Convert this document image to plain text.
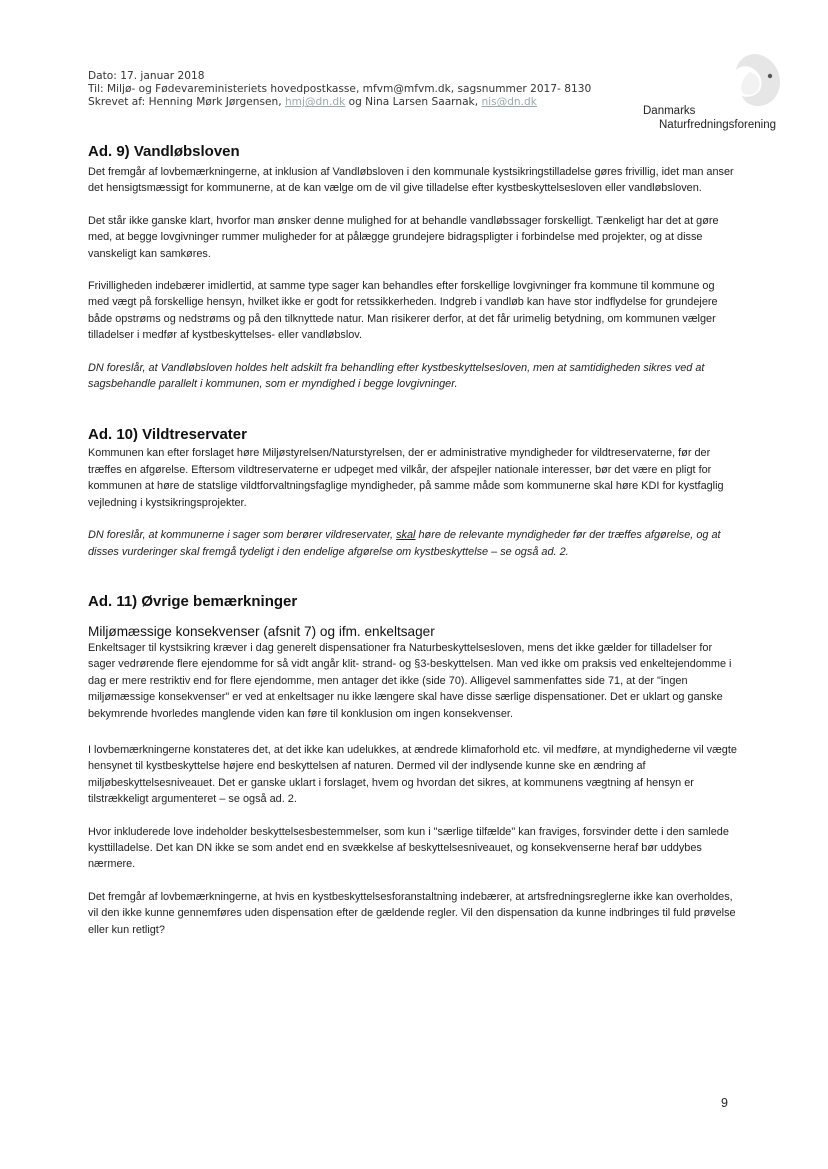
Dato: 17. januar 2018
Til: Miljø- og Fødevareministeriets hovedpostkasse, mfvm@mfvm.dk, sagsnummer 2017- 8130
Skrevet af: Henning Mørk Jørgensen, hmj@dn.dk og Nina Larsen Saarnak, nis@dn.dk
Danmarks
Naturfredningsforening
Ad. 9) Vandløbsloven

Det fremgår af lovbemærkningerne, at inklusion af Vandløbsloven i den kommunale kystsikringstilladelse gøres frivillig, idet man anser det hensigtsmæssigt for kommunerne, at de kan vælge om de vil give tilladelse efter kystbeskyttelsesloven eller vandløbsloven.

Det står ikke ganske klart, hvorfor man ønsker denne mulighed for at behandle vandløbssager forskelligt. Tænkeligt har det at gøre med, at begge lovgivninger rummer muligheder for at pålægge grundejere bidragspligter i forbindelse med projekter, og at disse vanskeligt kan samkøres.

Frivilligheden indebærer imidlertid, at samme type sager kan behandles efter forskellige lovgivninger fra kommune til kommune og med vægt på forskellige hensyn, hvilket ikke er godt for retssikkerheden. Indgreb i vandløb kan have stor indflydelse for grundejere både opstrøms og nedstrøms og på den tilknyttede natur. Man risikerer derfor, at det får urimelig betydning, om kommunen vælger tilladelser i medfør af kystbeskyttelses- eller vandløbslov.

DN foreslår, at Vandløbsloven holdes helt adskilt fra behandling efter kystbeskyttelsesloven, men at samtidigheden sikres ved at sagsbehandle parallelt i kommunen, som er myndighed i begge lovgivninger.

Ad. 10) Vildtreservater

Kommunen kan efter forslaget høre Miljøstyrelsen/Naturstyrelsen, der er administrative myndigheder for vildtreservaterne, før der træffes en afgørelse. Eftersom vildtreservaterne er udpeget med vilkår, der afspejler nationale interesser, bør det være en pligt for kommunen at høre de statslige vildtforvaltningsfaglige myndigheder, på samme måde som kommunerne skal høre KDI for kystfaglig vejledning i kystsikringsprojekter.

DN foreslår, at kommunerne i sager som berører vildreservater, skal høre de relevante myndigheder før der træffes afgørelse, og at disses vurderinger skal fremgå tydeligt i den endelige afgørelse om kystbeskyttelse – se også ad. 2.

Ad. 11) Øvrige bemærkninger
Miljømæssige konsekvenser (afsnit 7) og ifm. enkeltsager

Enkeltsager til kystsikring kræver i dag generelt dispensationer fra Naturbeskyttelsesloven, mens det ikke gælder for tilladelser for sager vedrørende flere ejendomme for så vidt angår klit- strand- og §3-beskyttelsen. Man ved ikke om praksis ved enkeltejendomme i dag er mere restriktiv end for flere ejendomme, men antager det ikke (side 70). Alligevel sammenfattes side 71, at der "ingen miljømæssige konsekvenser" er ved at enkeltsager nu ikke længere skal have disse særlige dispensationer. Det er uklart og ganske bekymrende hvorledes manglende viden kan føre til konklusion om ingen konsekvenser.

I lovbemærkningerne konstateres det, at det ikke kan udelukkes, at ændrede klimaforhold etc. vil medføre, at myndighederne vil vægte hensynet til kystbeskyttelse højere end beskyttelsen af naturen. Dermed vil der indlysende kunne ske en ændring af miljøbeskyttelsesniveauet. Det er ganske uklart i forslaget, hvem og hvordan det sikres, at kommunens vægtning af hensyn er tilstrækkeligt argumenteret – se også ad. 2.

Hvor inkluderede love indeholder beskyttelsesbestemmelser, som kun i "særlige tilfælde" kan fraviges, forsvinder dette i den samlede kysttilladelse. Det kan DN ikke se som andet end en svækkelse af beskyttelsesniveauet, og konsekvenserne heraf bør uddybes nærmere.

Det fremgår af lovbemærkningerne, at hvis en kystbeskyttelsesforanstaltning indebærer, at artsfredningsreglerne ikke kan overholdes, vil den ikke kunne gennemføres uden dispensation efter de gældende regler. Vil den dispensation da kunne indbringes til fuld prøvelse eller kun retligt?

9
